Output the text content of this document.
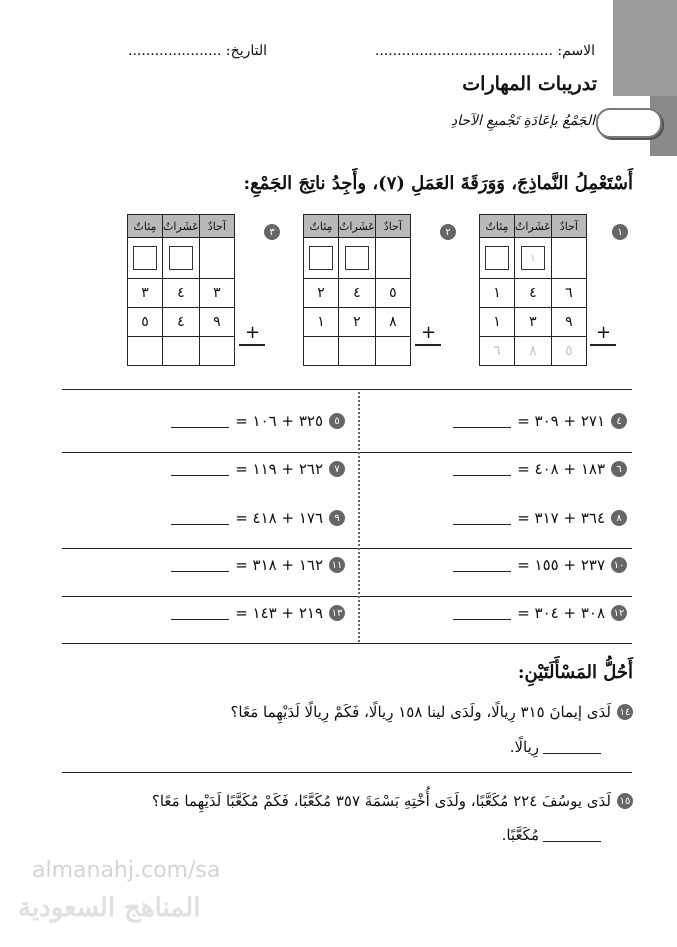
الاسم: ........................................
التاريخ: .....................
تدريبات المهارات
الجَمْعُ بإعَادَةِ تَجْميعِ الآحادِ
أَسْتَعْمِلُ النَّماذِجَ، وَوَرَقَةَ العَمَلِ (٧)، وأَجِدُ ناتِجَ الجَمْعِ:
١
مِئاتٌ	عَشَراتٌ	آحادٌ

١	

١	٤	٦
١	٣	٩
٦	٨	٥
+
٢
مِئاتٌ	عَشَراتٌ	آحادٌ

٢	٤	٥
١	٢	٨
		+
٣
مِئاتٌ	عَشَراتٌ	آحادٌ

٣	٤	٣
٥	٤	٩
		+
٤
٢٧١ + ٣٠٩ =
٦
١٨٣ + ٤٠٨ =
٨
٣٦٤ + ٣١٧ =
١٠
٢٣٧ + ١٥٥ =
١٢
٣٠٨ + ٣٠٤ =
٥
٣٢٥ + ١٠٦ =
٧
٢٦٢ + ١١٩ =
٩
١٧٦ + ٤١٨ =
١١
١٦٢ + ٣١٨ =
١٣
٢١٩ + ١٤٣ =
أَحُلُّ المَسْأَلَتَيْنِ:
١٤
لَدَى إيمانَ ٣١٥ رِيالًا، ولَدَى لينا ١٥٨ رِيالًا، فَكَمْ رِيالًا لَدَيْهِما مَعًا؟
رِيالًا.
١٥
لَدَى يوسُفَ ٢٢٤ مُكَعَّبًا، ولَدَى أُخْتِهِ بَسْمَةَ ٣٥٧ مُكَعَّبًا، فَكَمْ مُكَعَّبًا لَدَيْهِما مَعًا؟
مُكَعَّبًا.
almanahj.com/sa
المناهج السعودية
